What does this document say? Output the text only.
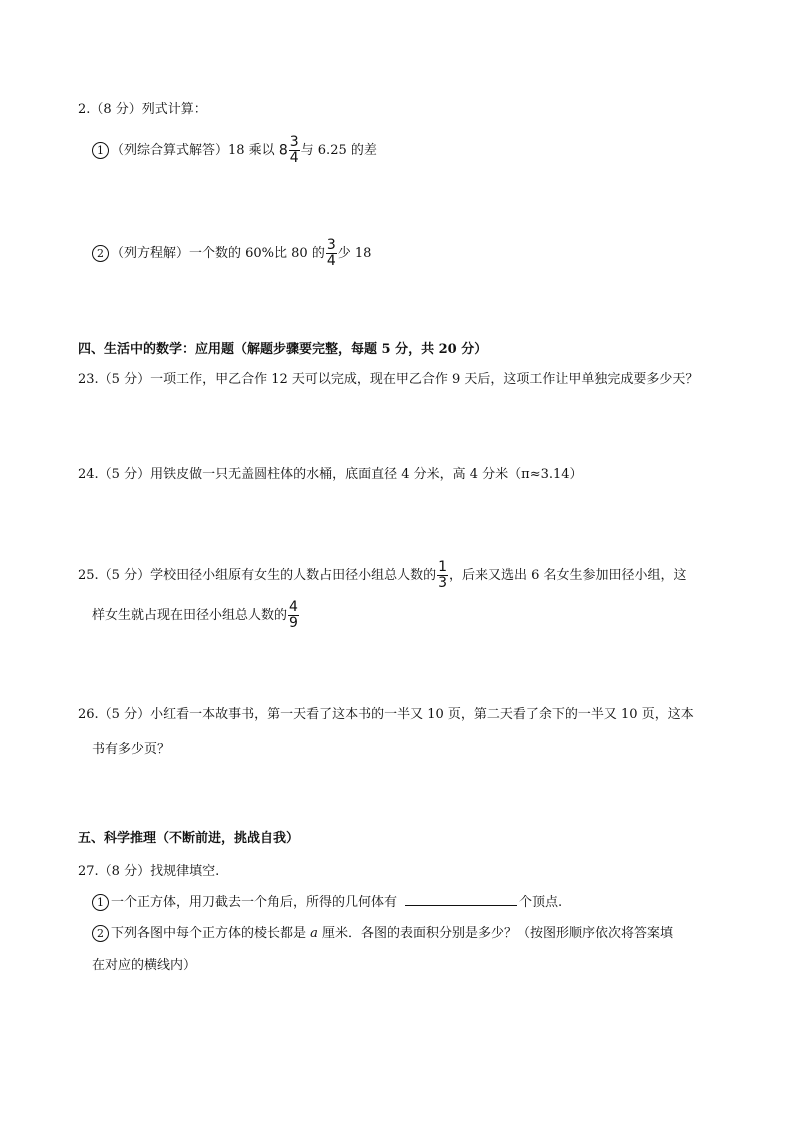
2.（8 分）列式计算：
1 （列综合算式解答）18 乘以 $8 \frac{3}{4}$ 与 6.25 的差
2 （列方程解）一个数的 60%比 80 的 $\frac{3}{4}$ 少 18
四、生活中的数学：应用题（解题步骤要完整，每题 5 分，共 20 分）
23.（5 分）一项工作，甲乙合作 12 天可以完成，现在甲乙合作 9 天后，这项工作让甲单独完成要多少天？
24.（5 分）用铁皮做一只无盖圆柱体的水桶，底面直径 4 分米，高 4 分米（π≈3.14）
25.（5 分）学校田径小组原有女生的人数占田径小组总人数的 $\frac{1}{3}$ ，后来又选出 6 名女生参加田径小组，这
样女生就占现在田径小组总人数的 $\frac{4}{9}$
26.（5 分）小红看一本故事书，第一天看了这本书的一半又 10 页，第二天看了余下的一半又 10 页，这本
书有多少页？
五、科学推理（不断前进，挑战自我）
27.（8 分）找规律填空.
1 一个正方体，用刀截去一个角后，所得的几何体有	个顶点.
2 下列各图中每个正方体的棱长都是 a 厘米．各图的表面积分别是多少？（按图形顺序依次将答案填
在对应的横线内）
